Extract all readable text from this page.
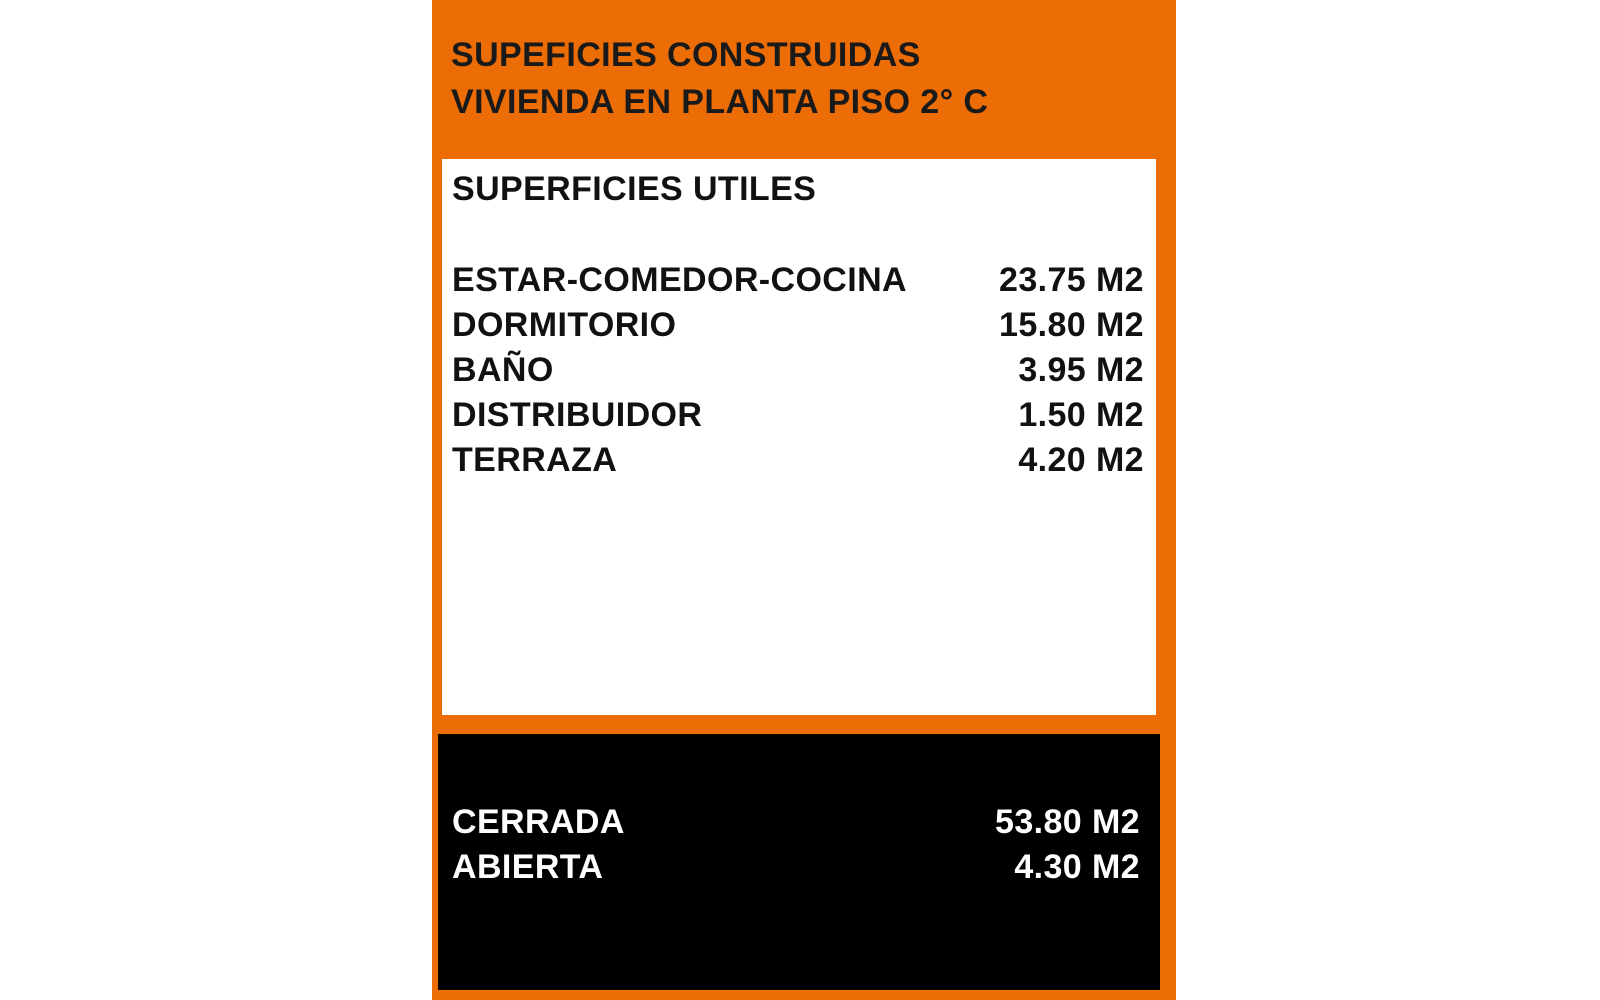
SUPEFICIES CONSTRUIDAS
VIVIENDA EN PLANTA PISO 2° C
SUPERFICIES UTILES
ESTAR-COMEDOR-COCINA	23.75 M2
DORMITORIO	15.80 M2
BAÑO	3.95 M2
DISTRIBUIDOR	1.50 M2
TERRAZA	4.20 M2
CERRADA	53.80 M2
ABIERTA	4.30 M2
